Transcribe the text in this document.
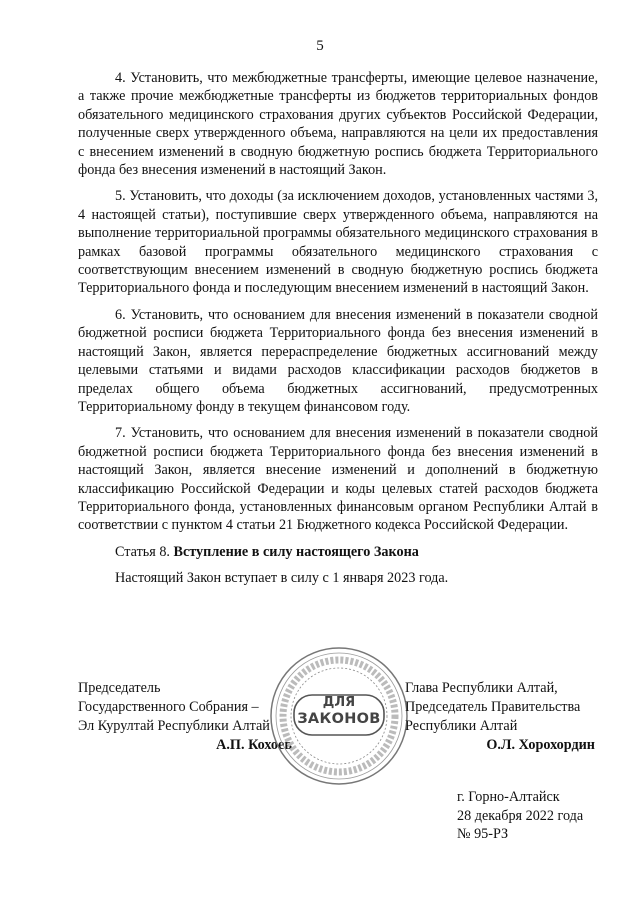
5

4. Установить, что межбюджетные трансферты, имеющие целевое назначение, а также прочие межбюджетные трансферты из бюджетов территориальных фондов обязательного медицинского страхования других субъектов Российской Федерации, полученные сверх утвержденного объема, направляются на цели их предоставления с внесением изменений в сводную бюджетную роспись бюджета Территориального фонда без внесения изменений в настоящий Закон.

5. Установить, что доходы (за исключением доходов, установленных частями 3, 4 настоящей статьи), поступившие сверх утвержденного объема, направляются на выполнение территориальной программы обязательного медицинского страхования в рамках базовой программы обязательного медицинского страхования с соответствующим внесением изменений в сводную бюджетную роспись бюджета Территориального фонда и последующим внесением изменений в настоящий Закон.

6. Установить, что основанием для внесения изменений в показатели сводной бюджетной росписи бюджета Территориального фонда без внесения изменений в настоящий Закон, является перераспределение бюджетных ассигнований между целевыми статьями и видами расходов классификации расходов бюджетов в пределах общего объема бюджетных ассигнований, предусмотренных Территориальному фонду в текущем финансовом году.

7. Установить, что основанием для внесения изменений в показатели сводной бюджетной росписи бюджета Территориального фонда без внесения изменений в настоящий Закон, является внесение изменений и дополнений в бюджетную классификацию Российской Федерации и коды целевых статей расходов бюджета Территориального фонда, установленных финансовым органом Республики Алтай в соответствии с пунктом 4 статьи 21 Бюджетного кодекса Российской Федерации.

Статья 8. Вступление в силу настоящего Закона

Настоящий Закон вступает в силу с 1 января 2023 года.

Председатель
Государственного Собрания –
Эл Курултай Республики Алтай
А.П. Кохоев
ДЛЯ
ЗАКОНОВ
Глава Республики Алтай,
Председатель Правительства
Республики Алтай
О.Л. Хорохордин
г. Горно-Алтайск
28 декабря 2022 года
№ 95-РЗ
